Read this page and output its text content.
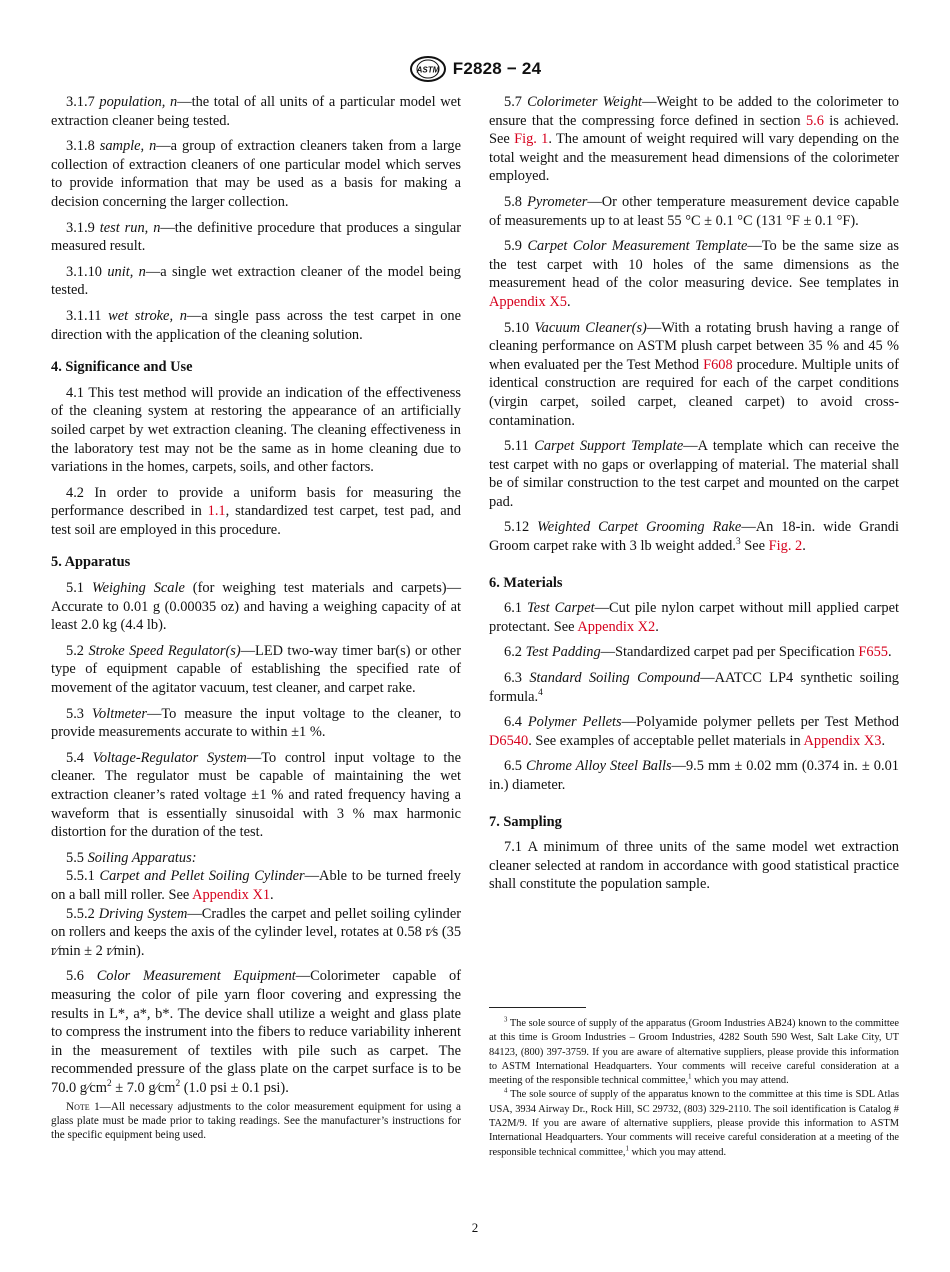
ASTM F2828 − 24

3.1.7 population, n—the total of all units of a particular model wet extraction cleaner being tested.

3.1.8 sample, n—a group of extraction cleaners taken from a large collection of extraction cleaners of one particular model which serves to provide information that may be used as a basis for making a decision concerning the larger collection.

3.1.9 test run, n—the definitive procedure that produces a singular measured result.

3.1.10 unit, n—a single wet extraction cleaner of the model being tested.

3.1.11 wet stroke, n—a single pass across the test carpet in one direction with the application of the cleaning solution.

4. Significance and Use

4.1 This test method will provide an indication of the effectiveness of the cleaning system at restoring the appearance of an artificially soiled carpet by wet extraction cleaning. The cleaning effectiveness in the laboratory test may not be the same as in home cleaning due to variations in the homes, carpets, soils, and other factors.

4.2 In order to provide a uniform basis for measuring the performance described in 1.1, standardized test carpet, test pad, and test soil are employed in this procedure.

5. Apparatus

5.1 Weighing Scale (for weighing test materials and carpets)—Accurate to 0.01 g (0.00035 oz) and having a weighing capacity of at least 2.0 kg (4.4 lb).

5.2 Stroke Speed Regulator(s)—LED two-way timer bar(s) or other type of equipment capable of establishing the specified rate of movement of the agitator vacuum, test cleaner, and carpet rake.

5.3 Voltmeter—To measure the input voltage to the cleaner, to provide measurements accurate to within ±1 %.

5.4 Voltage-Regulator System—To control input voltage to the cleaner. The regulator must be capable of maintaining the wet extraction cleaner’s rated voltage ±1 % and rated frequency having a waveform that is essentially sinusoidal with 3 % max harmonic distortion for the duration of the test.

5.5 Soiling Apparatus:

5.5.1 Carpet and Pellet Soiling Cylinder—Able to be turned freely on a ball mill roller. See Appendix X1.

5.5.2 Driving System—Cradles the carpet and pellet soiling cylinder on rollers and keeps the axis of the cylinder level, rotates at 0.58 r⁄s (35 r⁄min ± 2 r⁄min).

5.6 Color Measurement Equipment—Colorimeter capable of measuring the color of pile yarn floor covering and expressing the results in L*, a*, b*. The device shall utilize a weight and glass plate to compress the instrument into the fibers to reduce variability inherent in the measurement of textiles with pile such as carpet. The recommended pressure of the glass plate on the carpet surface is to be 70.0 $g⁄cm^2 \pm 7.0$ $g⁄cm^2$ (1.0 psi ± 0.1 psi).

Note 1—All necessary adjustments to the color measurement equipment for using a glass plate must be made prior to taking readings. See the manufacturer’s instructions for the specific equipment being used.

5.7 Colorimeter Weight—Weight to be added to the colorimeter to ensure that the compressing force defined in section 5.6 is achieved. See Fig. 1. The amount of weight required will vary depending on the total weight and the measurement head dimensions of the colorimeter employed.

5.8 Pyrometer—Or other temperature measurement device capable of measurements up to at least 55 °C ± 0.1 °C (131 °F ± 0.1 °F).

5.9 Carpet Color Measurement Template—To be the same size as the test carpet with 10 holes of the same dimensions as the measurement head of the color measuring device. See templates in Appendix X5.

5.10 Vacuum Cleaner(s)—With a rotating brush having a range of cleaning performance on ASTM plush carpet between 35 % and 45 % when evaluated per the Test Method F608 procedure. Multiple units of identical construction are required for each of the carpet conditions (virgin carpet, soiled carpet, cleaned carpet) to avoid cross-contamination.

5.11 Carpet Support Template—A template which can receive the test carpet with no gaps or overlapping of material. The material shall be of similar construction to the test carpet and mounted on the carpet pad.

5.12 Weighted Carpet Grooming Rake—An 18-in. wide Grandi Groom carpet rake with 3 lb weight added.$^3$ See Fig. 2.

6. Materials

6.1 Test Carpet—Cut pile nylon carpet without mill applied carpet protectant. See Appendix X2.

6.2 Test Padding—Standardized carpet pad per Specification F655.

6.3 Standard Soiling Compound—AATCC LP4 synthetic soiling formula.$^4$

6.4 Polymer Pellets—Polyamide polymer pellets per Test Method D6540. See examples of acceptable pellet materials in Appendix X3.

6.5 Chrome Alloy Steel Balls—9.5 mm ± 0.02 mm (0.374 in. ± 0.01 in.) diameter.

7. Sampling

7.1 A minimum of three units of the same model wet extraction cleaner selected at random in accordance with good statistical practice shall constitute the population sample.

$^3$ The sole source of supply of the apparatus (Groom Industries AB24) known to the committee at this time is Groom Industries – Groom Industries, 4282 South 590 West, Salt Lake City, UT 84123, (800) 397-3759. If you are aware of alternative suppliers, please provide this information to ASTM International Headquarters. Your comments will receive careful consideration at a meeting of the responsible technical committee,$^1$ which you may attend.

$^4$ The sole source of supply of the apparatus known to the committee at this time is SDL Atlas USA, 3934 Airway Dr., Rock Hill, SC 29732, (803) 329-2110. The soil identification is Catalog # TA2M/9. If you are aware of alternative suppliers, please provide this information to ASTM International Headquarters. Your comments will receive careful consideration at a meeting of the responsible technical committee,$^1$ which you may attend.

2
